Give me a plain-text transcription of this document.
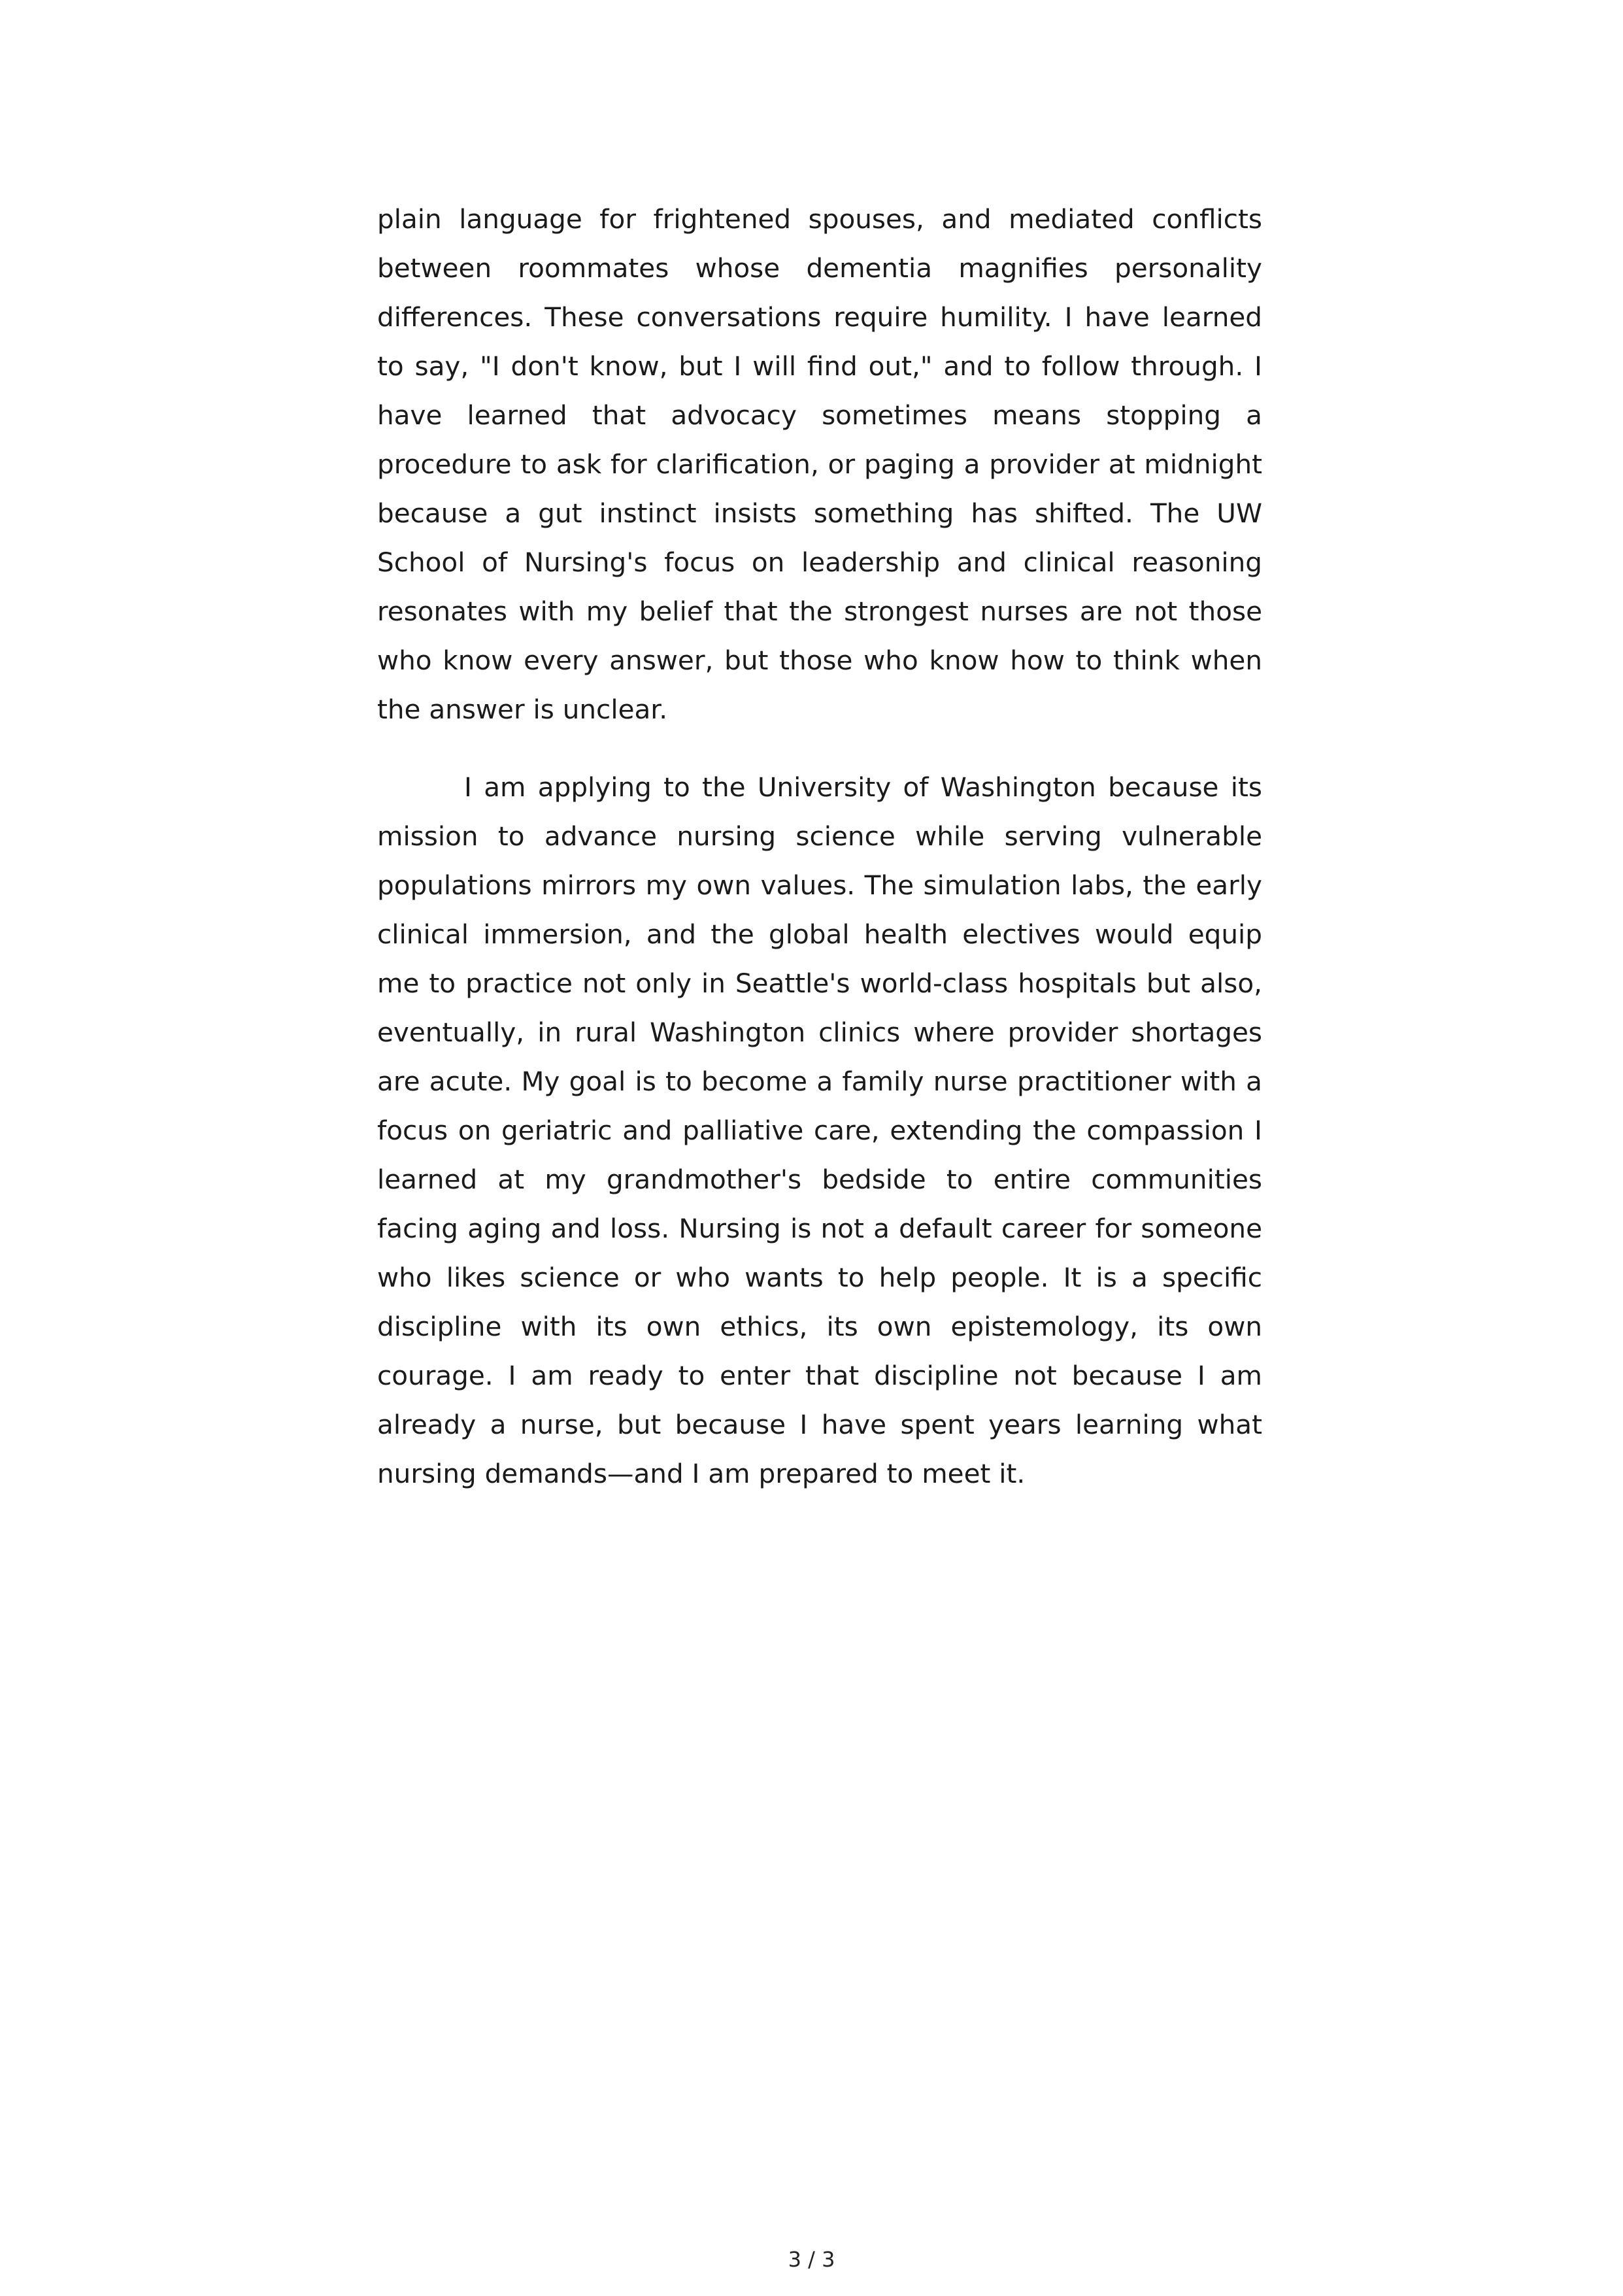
plain language for frightened spouses, and mediated conflicts between roommates whose dementia magnifies personality differences. These conversations require humility. I have learned to say, "I don't know, but I will find out," and to follow through. I have learned that advocacy sometimes means stopping a procedure to ask for clarification, or paging a provider at midnight because a gut instinct insists something has shifted. The UW School of Nursing's focus on leadership and clinical reasoning resonates with my belief that the strongest nurses are not those who know every answer, but those who know how to think when the answer is unclear.

I am applying to the University of Washington because its mission to advance nursing science while serving vulnerable populations mirrors my own values. The simulation labs, the early clinical immersion, and the global health electives would equip me to practice not only in Seattle's world-class hospitals but also, eventually, in rural Washington clinics where provider shortages are acute. My goal is to become a family nurse practitioner with a focus on geriatric and palliative care, extending the compassion I learned at my grandmother's bedside to entire communities facing aging and loss. Nursing is not a default career for someone who likes science or who wants to help people. It is a specific discipline with its own ethics, its own epistemology, its own courage. I am ready to enter that discipline not because I am already a nurse, but because I have spent years learning what nursing demands—and I am prepared to meet it.

3 / 3
